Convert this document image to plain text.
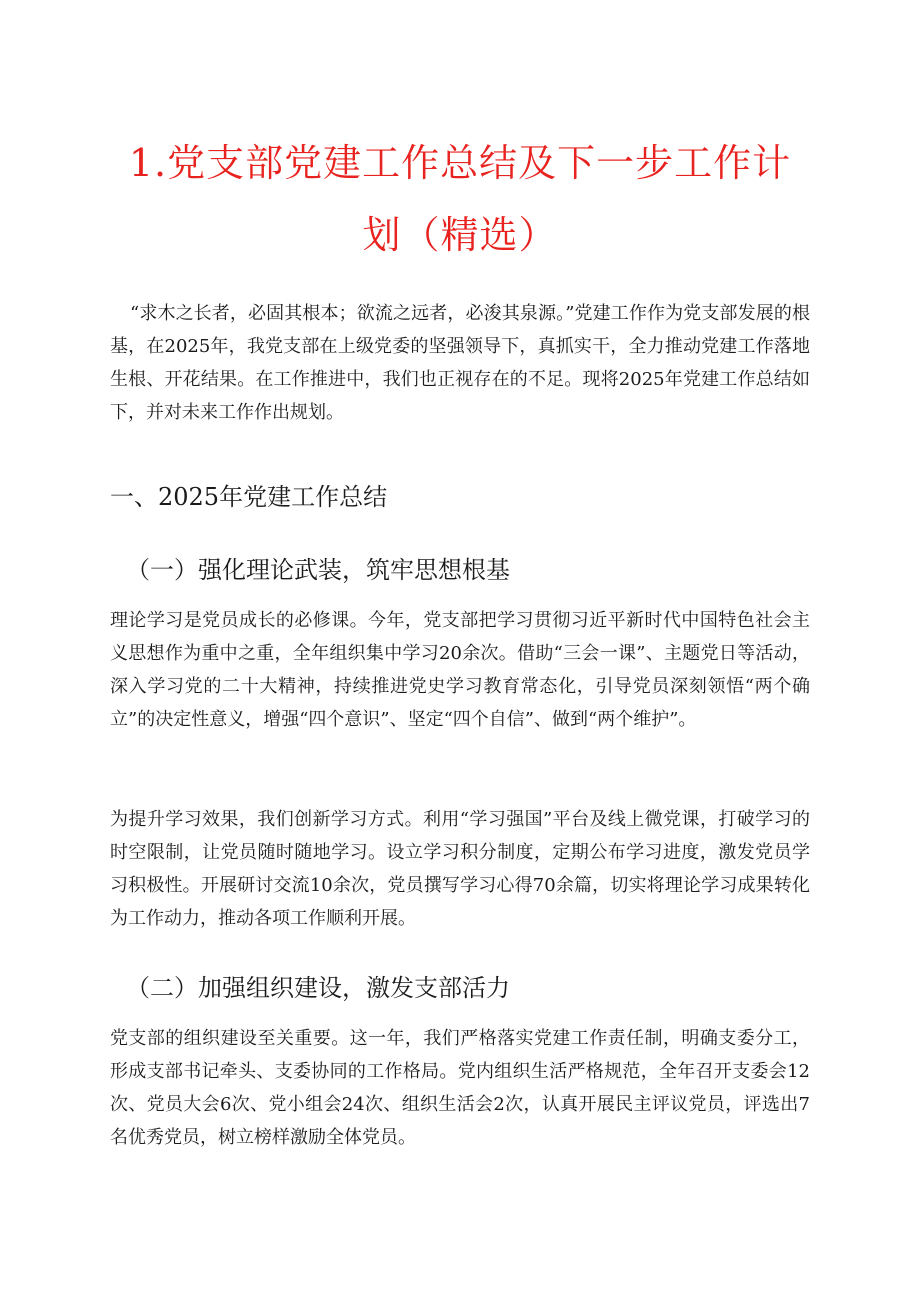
1.党支部党建工作总结及下一步工作计
划（精选）

“求木之长者，必固其根本；欲流之远者，必浚其泉源。”党建工作作为党支部发展的根基，在2025年，我党支部在上级党委的坚强领导下，真抓实干，全力推动党建工作落地生根、开花结果。在工作推进中，我们也正视存在的不足。现将2025年党建工作总结如下，并对未来工作作出规划。

一、2025年党建工作总结
（一）强化理论武装，筑牢思想根基

理论学习是党员成长的必修课。今年，党支部把学习贯彻习近平新时代中国特色社会主义思想作为重中之重，全年组织集中学习20余次。借助“三会一课”、主题党日等活动，深入学习党的二十大精神，持续推进党史学习教育常态化，引导党员深刻领悟“两个确立”的决定性意义，增强“四个意识”、坚定“四个自信”、做到“两个维护”。

为提升学习效果，我们创新学习方式。利用“学习强国”平台及线上微党课，打破学习的时空限制，让党员随时随地学习。设立学习积分制度，定期公布学习进度，激发党员学习积极性。开展研讨交流10余次，党员撰写学习心得70余篇，切实将理论学习成果转化为工作动力，推动各项工作顺利开展。

（二）加强组织建设，激发支部活力

党支部的组织建设至关重要。这一年，我们严格落实党建工作责任制，明确支委分工，形成支部书记牵头、支委协同的工作格局。党内组织生活严格规范，全年召开支委会12次、党员大会6次、党小组会24次、组织生活会2次，认真开展民主评议党员，评选出7名优秀党员，树立榜样激励全体党员。
